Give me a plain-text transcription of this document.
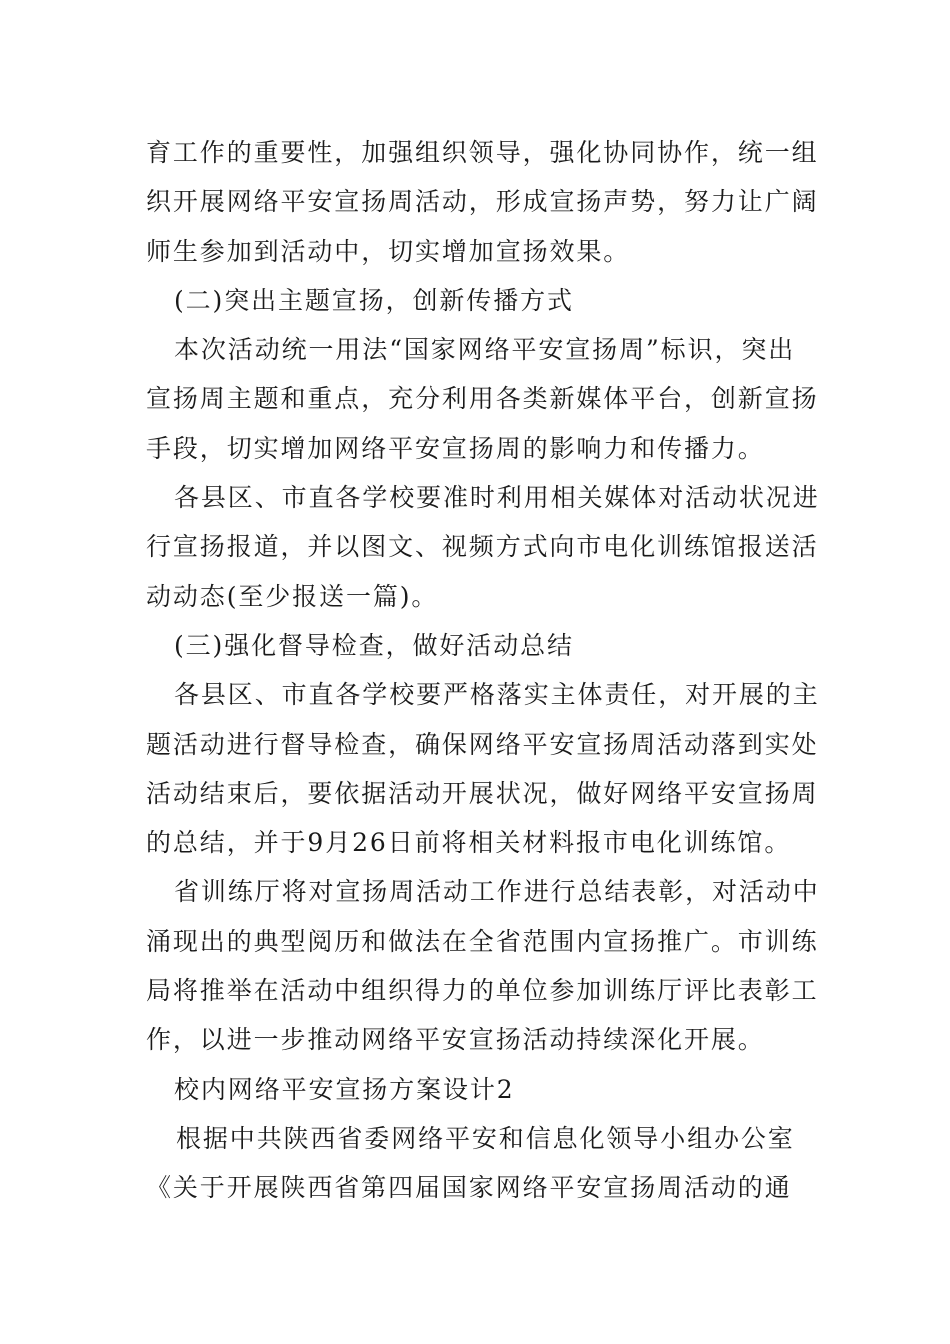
育工作的重要性，加强组织领导，强化协同协作，统一组
织开展网络平安宣扬周活动，形成宣扬声势，努力让广阔
师生参加到活动中，切实增加宣扬效果。
(二)突出主题宣扬，创新传播方式
本次活动统一用法“国家网络平安宣扬周”标识，突出
宣扬周主题和重点，充分利用各类新媒体平台，创新宣扬
手段，切实增加网络平安宣扬周的影响力和传播力。
各县区、市直各学校要准时利用相关媒体对活动状况进
行宣扬报道，并以图文、视频方式向市电化训练馆报送活
动动态(至少报送一篇)。
(三)强化督导检查，做好活动总结
各县区、市直各学校要严格落实主体责任，对开展的主
题活动进行督导检查，确保网络平安宣扬周活动落到实处
活动结束后，要依据活动开展状况，做好网络平安宣扬周
的总结，并于9月26日前将相关材料报市电化训练馆。
省训练厅将对宣扬周活动工作进行总结表彰，对活动中
涌现出的典型阅历和做法在全省范围内宣扬推广。市训练
局将推举在活动中组织得力的单位参加训练厅评比表彰工
作，以进一步推动网络平安宣扬活动持续深化开展。
校内网络平安宣扬方案设计2
根据中共陕西省委网络平安和信息化领导小组办公室
《关于开展陕西省第四届国家网络平安宣扬周活动的通
